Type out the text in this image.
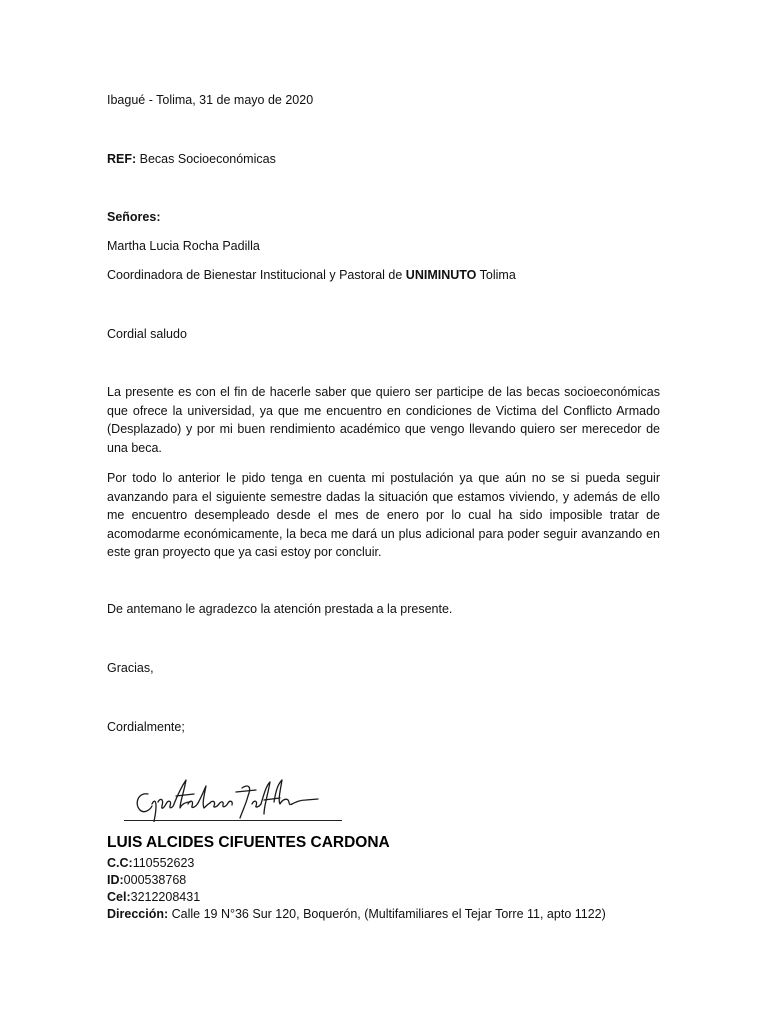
Ibagué - Tolima, 31 de mayo de 2020
REF: Becas Socioeconómicas
Señores:
Martha Lucia Rocha Padilla
Coordinadora de Bienestar Institucional y Pastoral de UNIMINUTO Tolima
Cordial saludo
La presente es con el fin de hacerle saber que quiero ser participe de las becas socioeconómicas que ofrece la universidad, ya que me encuentro en condiciones de Victima del Conflicto Armado (Desplazado) y por mi buen rendimiento académico que vengo llevando quiero ser merecedor de una beca.
Por todo lo anterior le pido tenga en cuenta mi postulación ya que aún no se si pueda seguir avanzando para el siguiente semestre dadas la situación que estamos viviendo, y además de ello me encuentro desempleado desde el mes de enero por lo cual ha sido imposible tratar de acomodarme económicamente, la beca me dará un plus adicional para poder seguir avanzando en este gran proyecto que ya casi estoy por concluir.
De antemano le agradezco la atención prestada a la presente.
Gracias,
Cordialmente;
LUIS ALCIDES CIFUENTES CARDONA
C.C:110552623
ID:000538768
Cel:3212208431
Dirección: Calle 19 N°36 Sur 120, Boquerón, (Multifamiliares el Tejar Torre 11, apto 1122)
